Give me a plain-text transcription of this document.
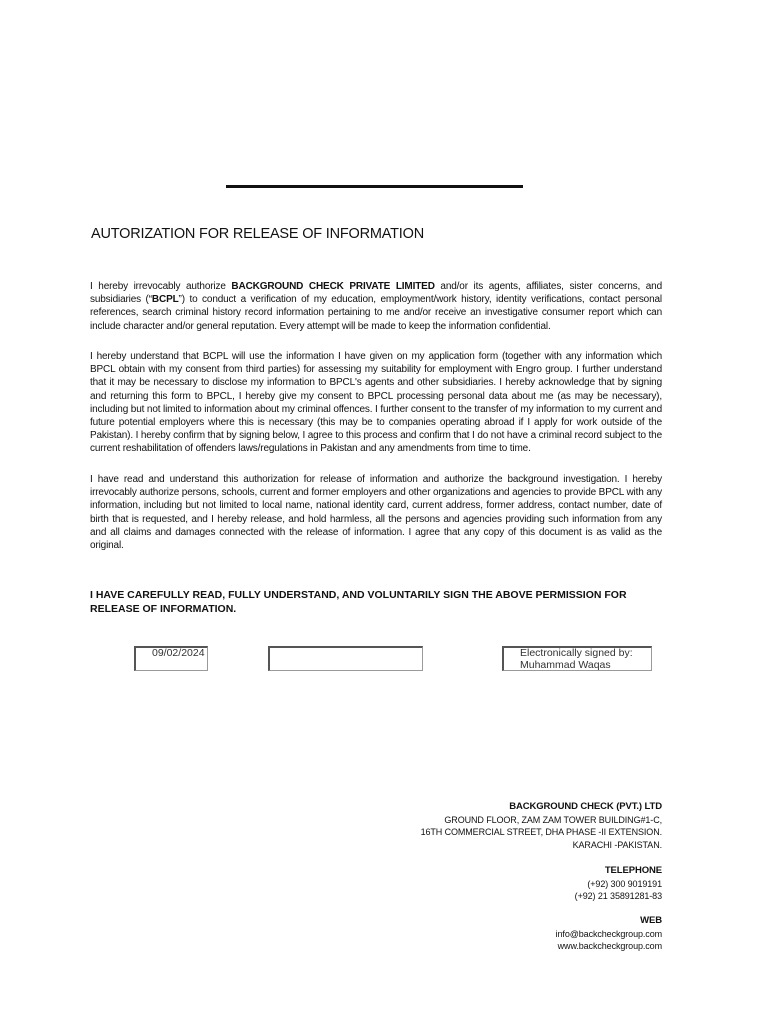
AUTORIZATION FOR RELEASE OF INFORMATION

I hereby irrevocably authorize BACKGROUND CHECK PRIVATE LIMITED and/or its agents, affiliates, sister concerns, and subsidiaries (“BCPL”) to conduct a verification of my education, employment/work history, identity verifications, contact personal references, search criminal history record information pertaining to me and/or receive an investigative consumer report which can include character and/or general reputation. Every attempt will be made to keep the information confidential.

I hereby understand that BCPL will use the information I have given on my application form (together with any information which BPCL obtain with my consent from third parties) for assessing my suitability for employment with Engro group. I further understand that it may be necessary to disclose my information to BPCL's agents and other subsidiaries. I hereby acknowledge that by signing and returning this form to BPCL, I hereby give my consent to BPCL processing personal data about me (as may be necessary), including but not limited to information about my criminal offences. I further consent to the transfer of my information to my current and future potential employers where this is necessary (this may be to companies operating abroad if I apply for work outside of the Pakistan). I hereby confirm that by signing below, I agree to this process and confirm that I do not have a criminal record subject to the current reshabilitation of offenders laws/regulations in Pakistan and any amendments from time to time.

I have read and understand this authorization for release of information and authorize the background investigation. I hereby irrevocably authorize persons, schools, current and former employers and other organizations and agencies to provide BPCL with any information, including but not limited to local name, national identity card, current address, former address, contact number, date of birth that is requested, and I hereby release, and hold harmless, all the persons and agencies providing such information from any and all claims and damages connected with the release of information. I agree that any copy of this document is as valid as the original.

I HAVE CAREFULLY READ, FULLY UNDERSTAND, AND VOLUNTARILY SIGN THE ABOVE PERMISSION FOR RELEASE OF INFORMATION.

09/02/2024	Electronically signed by:
Muhammad Waqas
BACKGROUND CHECK (PVT.) LTD
GROUND FLOOR, ZAM ZAM TOWER BUILDING#1-C,
16TH COMMERCIAL STREET, DHA PHASE -II EXTENSION.
KARACHI -PAKISTAN.
TELEPHONE
(+92) 300 9019191
(+92) 21 35891281-83
WEB
info@backcheckgroup.com
www.backcheckgroup.com
